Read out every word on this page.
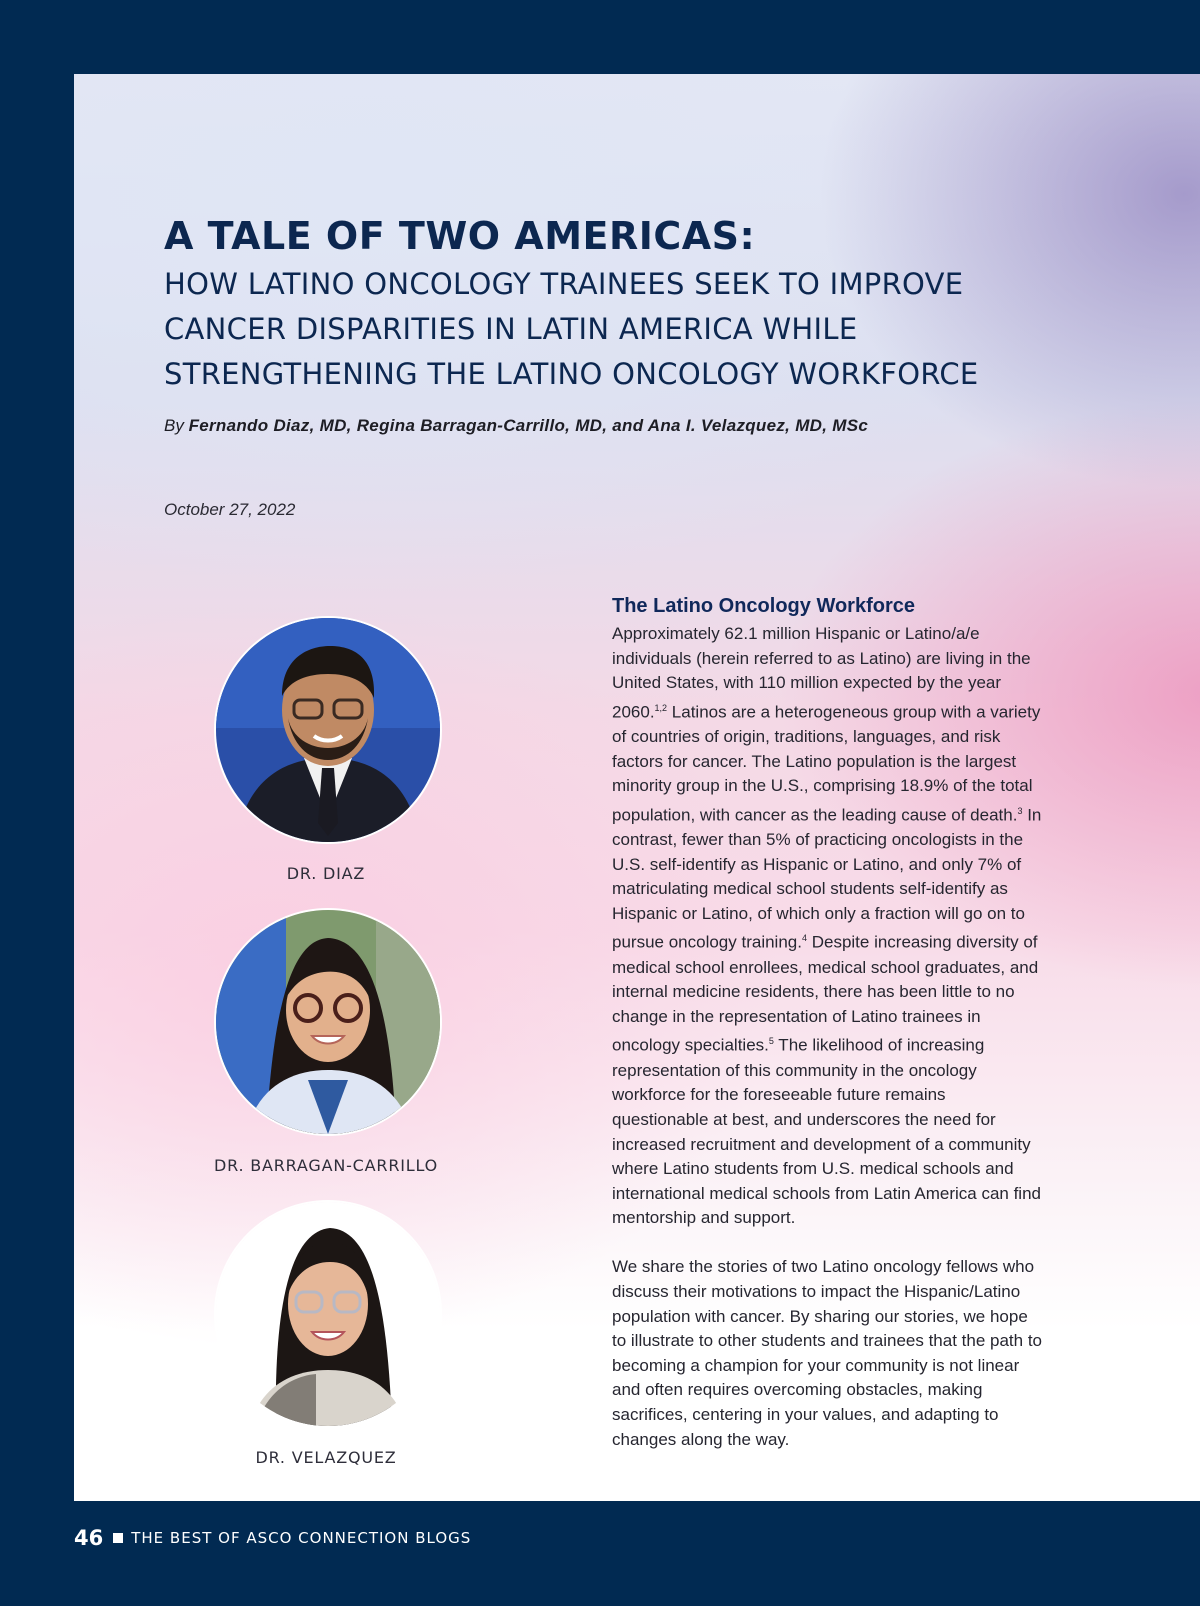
A TALE OF TWO AMERICAS:
HOW LATINO ONCOLOGY TRAINEES SEEK TO IMPROVE
CANCER DISPARITIES IN LATIN AMERICA WHILE
STRENGTHENING THE LATINO ONCOLOGY WORKFORCE
By Fernando Diaz, MD, Regina Barragan-Carrillo, MD, and Ana I. Velazquez, MD, MSc
October 27, 2022
DR. DIAZ
DR. BARRAGAN-CARRILLO
DR. VELAZQUEZ
The Latino Oncology Workforce

Approximately 62.1 million Hispanic or Latino/a/e individuals (herein referred to as Latino) are living in the United States, with 110 million expected by the year 2060.$^{1,2}$ Latinos are a heterogeneous group with a variety of countries of origin, traditions, languages, and risk factors for cancer. The Latino population is the largest minority group in the U.S., comprising 18.9% of the total population, with cancer as the leading cause of death.$^3$ In contrast, fewer than 5% of practicing oncologists in the U.S. self-identify as Hispanic or Latino, and only 7% of matriculating medical school students self-identify as Hispanic or Latino, of which only a fraction will go on to pursue oncology training.$^4$ Despite increasing diversity of medical school enrollees, medical school graduates, and internal medicine residents, there has been little to no change in the representation of Latino trainees in oncology specialties.$^5$ The likelihood of increasing representation of this community in the oncology workforce for the foreseeable future remains questionable at best, and underscores the need for increased recruitment and development of a community where Latino students from U.S. medical schools and international medical schools from Latin America can find mentorship and support.

We share the stories of two Latino oncology fellows who discuss their motivations to impact the Hispanic/Latino population with cancer. By sharing our stories, we hope to illustrate to other students and trainees that the path to becoming a champion for your community is not linear and often requires overcoming obstacles, making sacrifices, centering in your values, and adapting to changes along the way.

46 THE BEST OF ASCO CONNECTION BLOGS
